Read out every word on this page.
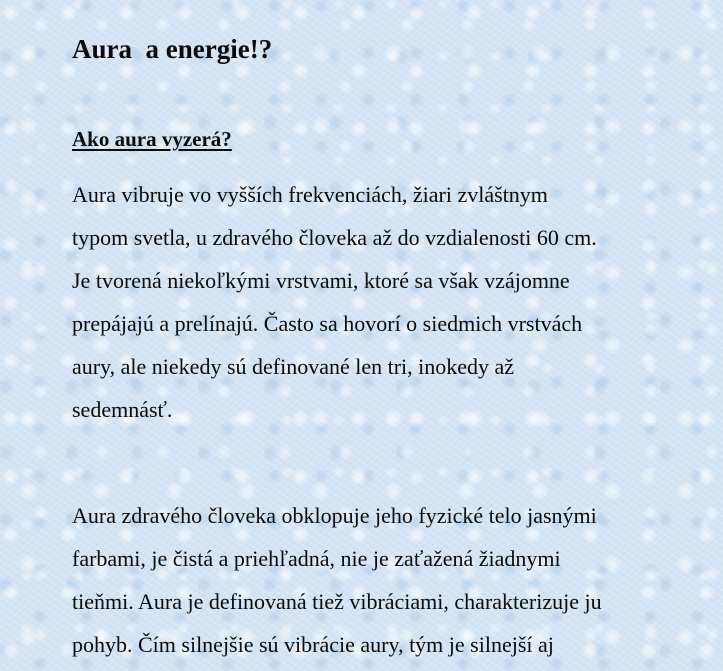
Aura  a energie!?
Ako aura vyzerá?

Aura vibruje vo vyšších frekvenciách, žiari zvláštnym
typom svetla, u zdravého človeka až do vzdialenosti 60 cm.
Je tvorená niekoľkými vrstvami, ktoré sa však vzájomne
prepájajú a prelínajú. Často sa hovorí o siedmich vrstvách
aury, ale niekedy sú definované len tri, inokedy až
sedemnásť.

Aura zdravého človeka obklopuje jeho fyzické telo jasnými
farbami, je čistá a priehľadná, nie je zaťažená žiadnymi
tieňmi. Aura je definovaná tiež vibráciami, charakterizuje ju
pohyb. Čím silnejšie sú vibrácie aury, tým je silnejší aj
